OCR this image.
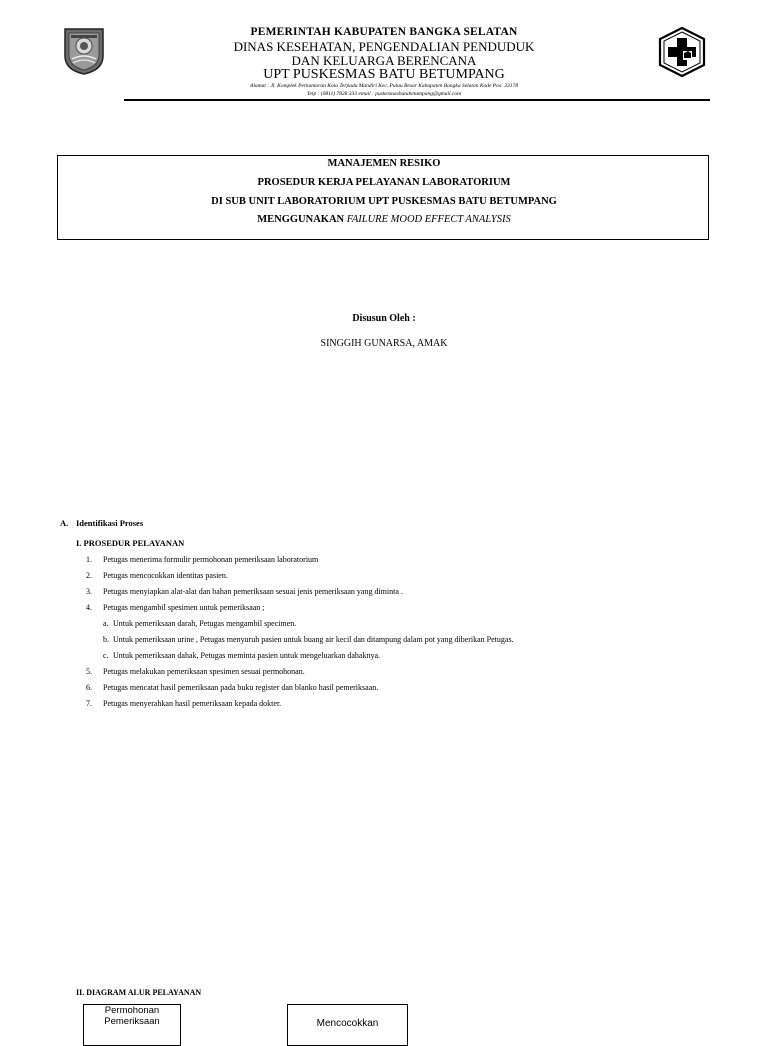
PEMERINTAH KABUPATEN BANGKA SELATAN
DINAS KESEHATAN, PENGENDALIAN PENDUDUK
DAN KELUARGA BERENCANA
UPT PUSKESMAS BATU BETUMPANG
Alamat : Jl. Komplek Perkantoran Kota Terpadu Mandiri Kec. Pulau Besar Kabupaten Bangka Selatan Kode Pos: 33178
Telp : (0811) 7828 333 email : puskesmasbatubetumpang@gmail.com
MANAJEMEN RESIKO
PROSEDUR KERJA PELAYANAN LABORATORIUM
DI SUB UNIT LABORATORIUM UPT PUSKESMAS BATU BETUMPANG
MENGGUNAKAN FAILURE MOOD EFFECT ANALYSIS
Disusun Oleh :
SINGGIH GUNARSA, AMAK
A. Identifikasi Proses
I. PROSEDUR PELAYANAN
1. Petugas menerima formulir permohonan pemeriksaan laboratorium
2. Petugas mencocokkan identitas pasien.
3. Petugas menyiapkan alat-alat dan bahan pemeriksaan sesuai jenis pemeriksaan yang diminta .
4. Petugas mengambil spesimen untuk pemeriksaan ;
a. Untuk pemeriksaan darah, Petugas mengambil specimen.
b. Untuk pemeriksaan urine , Petugas menyuruh pasien untuk buang air kecil dan ditampung dalam pot yang diberikan Petugas.
c. Untuk pemeriksaan dahak, Petugas meminta pasien untuk mengeluarkan dahaknya.
5. Petugas melakukan pemeriksaan spesimen sesuai permohonan.
6. Petugas mencatat hasil pemeriksaan pada buku register dan blanko hasil pemeriksaan.
7. Petugas menyerahkan hasil pemeriksaan kepada dokter.
II. DIAGRAM ALUR PELAYANAN
Permohonan
Pemeriksaan	Mencocokkan
